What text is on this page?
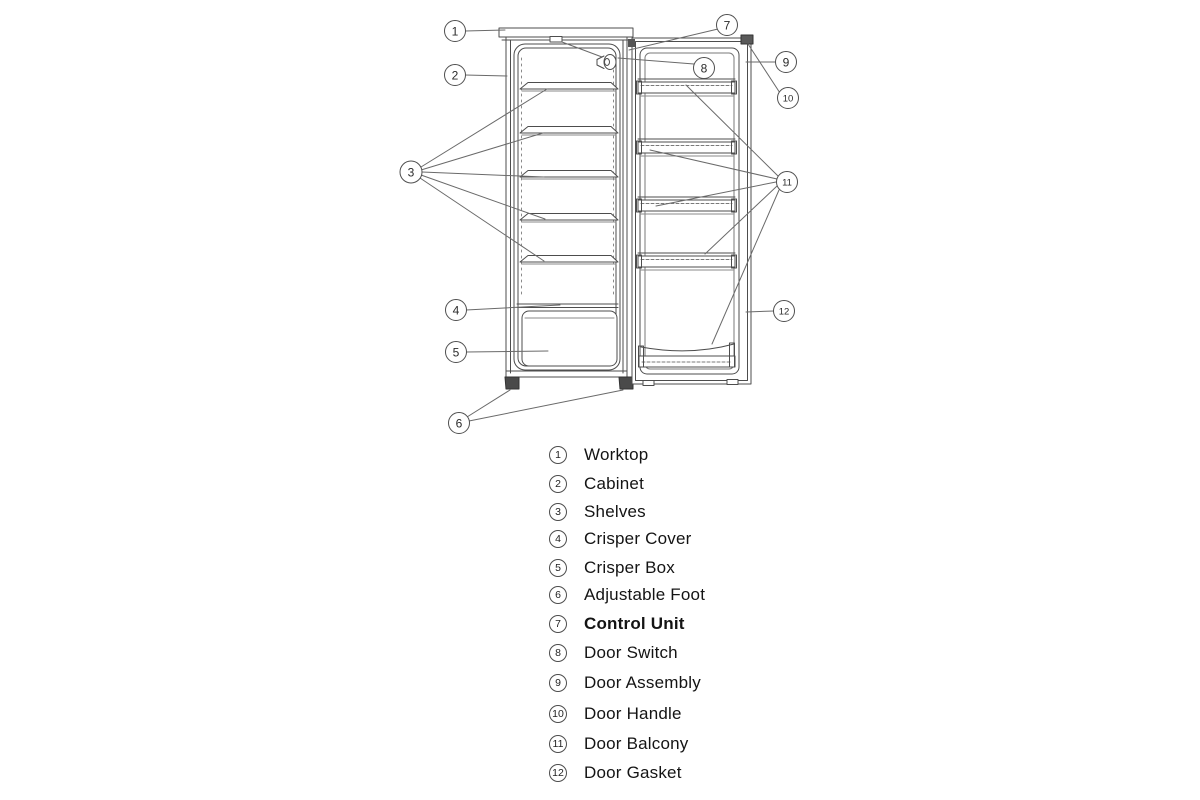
1
2
3
4
5
6
7
8	9
10
11
12
1	Worktop
2	Cabinet
3	Shelves
4	Crisper Cover
5	Crisper Box
6	Adjustable Foot
7	Control Unit
8	Door Switch
9	Door Assembly
10 Door Handle
11 Door Balcony
12 Door Gasket
